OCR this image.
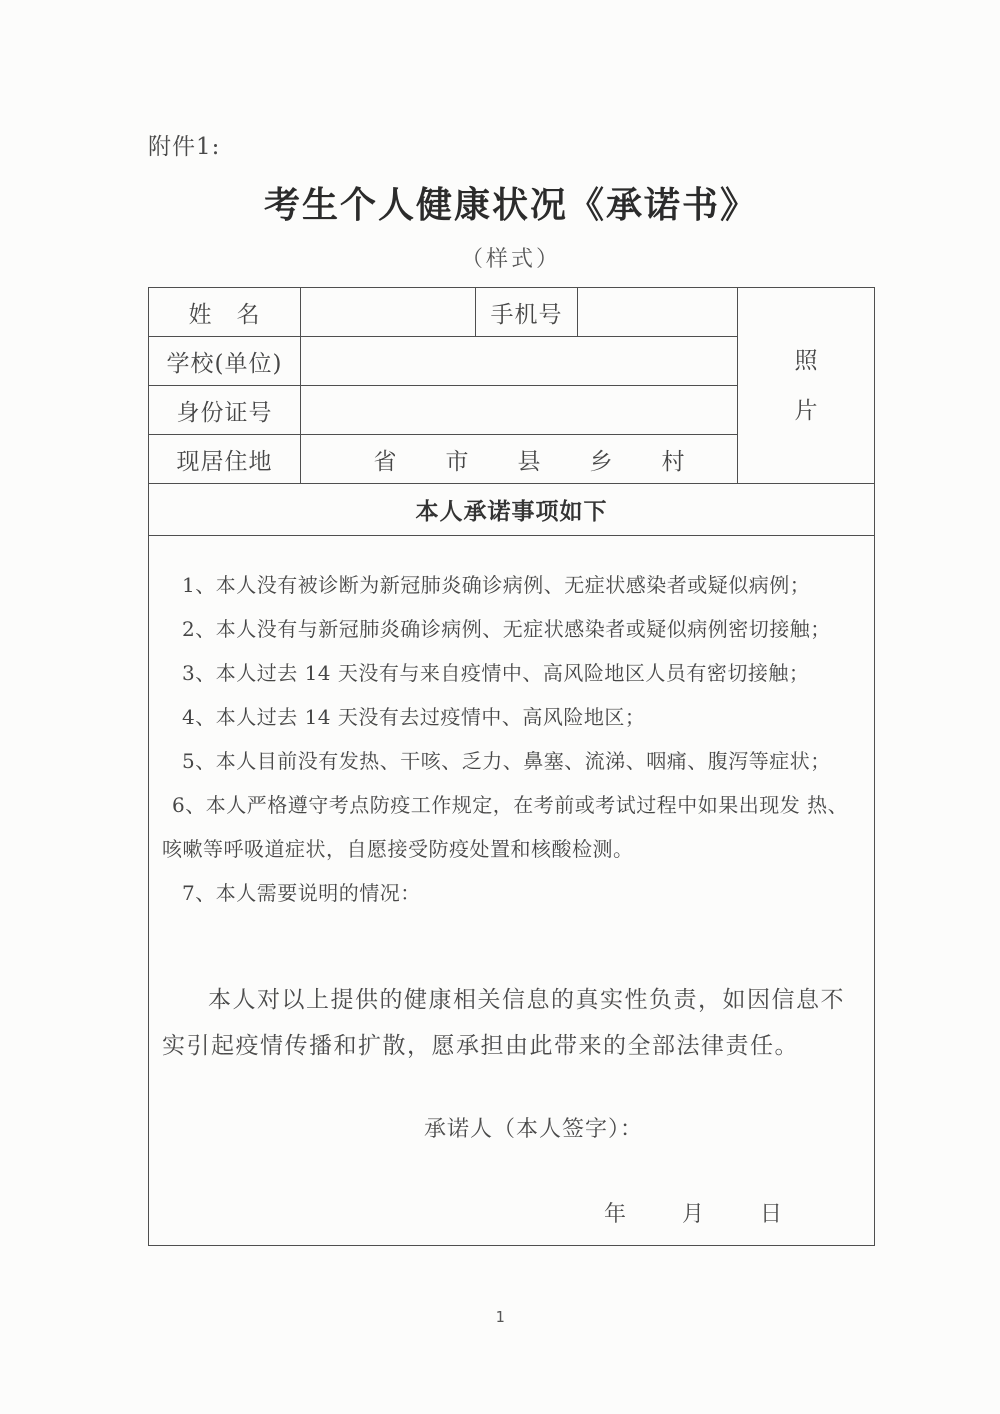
附件1:
考生个人健康状况《承诺书》
（样式）
姓　名		手机号		照
片

学校(单位)				
身份证号				
现居住地	省 市 县 乡 村			

本人承诺事项如下				

1、本人没有被诊断为新冠肺炎确诊病例、无症状感染者或疑似病例；

2、本人没有与新冠肺炎确诊病例、无症状感染者或疑似病例密切接触；

3、本人过去 14 天没有与来自疫情中、高风险地区人员有密切接触；

4、本人过去 14 天没有去过疫情中、高风险地区；

5、本人目前没有发热、干咳、乏力、鼻塞、流涕、咽痛、腹泻等症状；

6、本人严格遵守考点防疫工作规定，在考前或考试过程中如果出现发 热、咳嗽等呼吸道症状，自愿接受防疫处置和核酸检测。

7、本人需要说明的情况：

本人对以上提供的健康相关信息的真实性负责，如因信息不实引起疫情传播和扩散，愿承担由此带来的全部法律责任。

承诺人（本人签字）：

年	月	日

1
